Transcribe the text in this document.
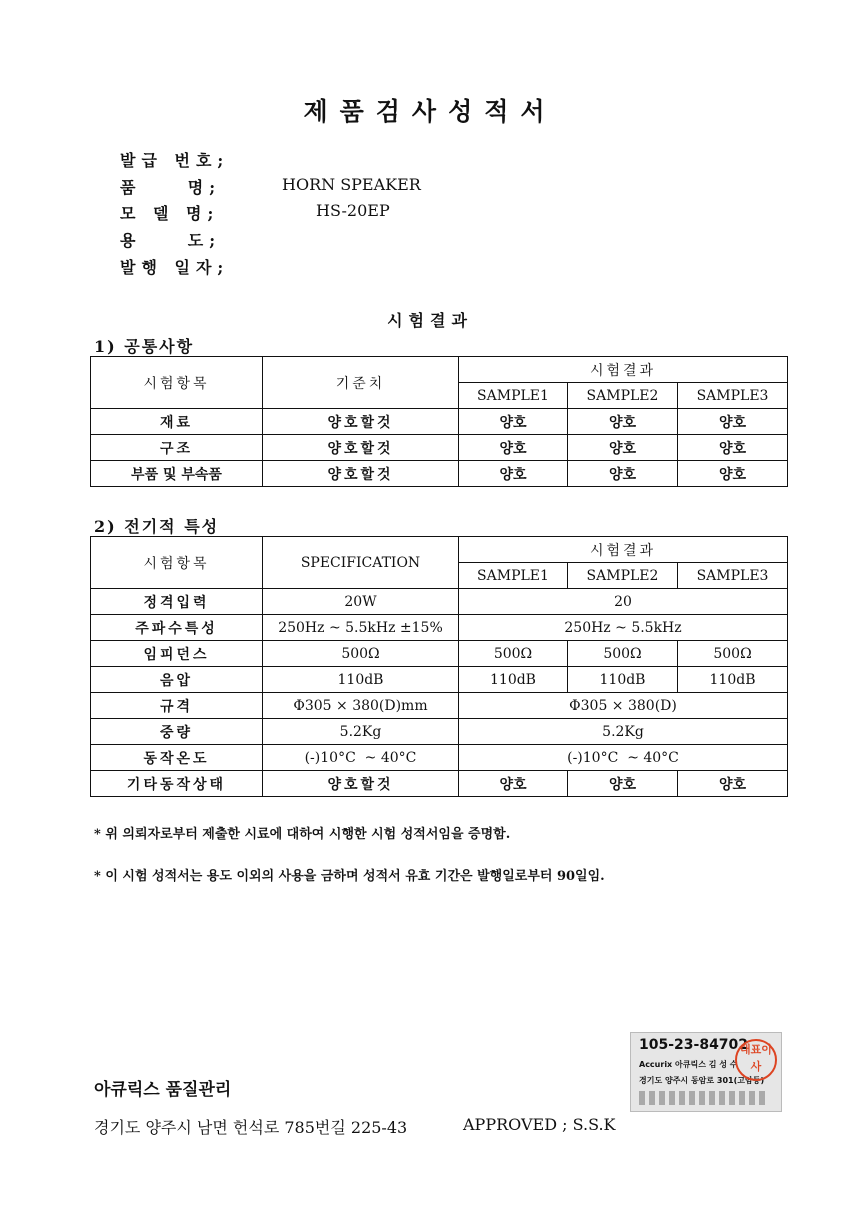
제품검사성적서
발급 번호;
품    명;	HORN SPEAKER
모 델 명;	HS-20EP
용    도;
발행 일자;
시험결과
1) 공통사항
시험항목	기준치	시험결과		
		SAMPLE1	SAMPLE2	SAMPLE3
재료	양호할것	양호	양호	양호
구조	양호할것	양호	양호	양호
부품 및 부속품	양호할것	양호	양호	양호
2) 전기적 특성
시험항목	SPECIFICATION	시험결과		
		SAMPLE1	SAMPLE2	SAMPLE3
정격입력	20W	20		
주파수특성	250Hz ~ 5.5kHz ±15%	250Hz ~ 5.5kHz		
임피던스	500Ω	500Ω	500Ω	500Ω
음압	110dB	110dB	110dB	110dB
규격	Φ305 × 380(D)mm	Φ305 × 380(D)		
중량	5.2Kg	5.2Kg		
동작온도	(-)10°C  ~ 40°C	(-)10°C  ~ 40°C		
기타동작상태	양호할것	양호	양호	양호
* 위 의뢰자로부터 제출한 시료에 대하여 시행한 시험 성적서임을 증명함.
* 이 시험 성적서는 용도 이외의 사용을 금하며 성적서 유효 기간은 발행일로부터 90일임.
아큐릭스 품질관리
경기도 양주시 남면 헌석로 785번길 225-43	APPROVED ; S.S.K
105-23-84702
Accurix 아큐릭스 김 성 수
경기도 양주시 동암로 301(고암동)
대표이사
